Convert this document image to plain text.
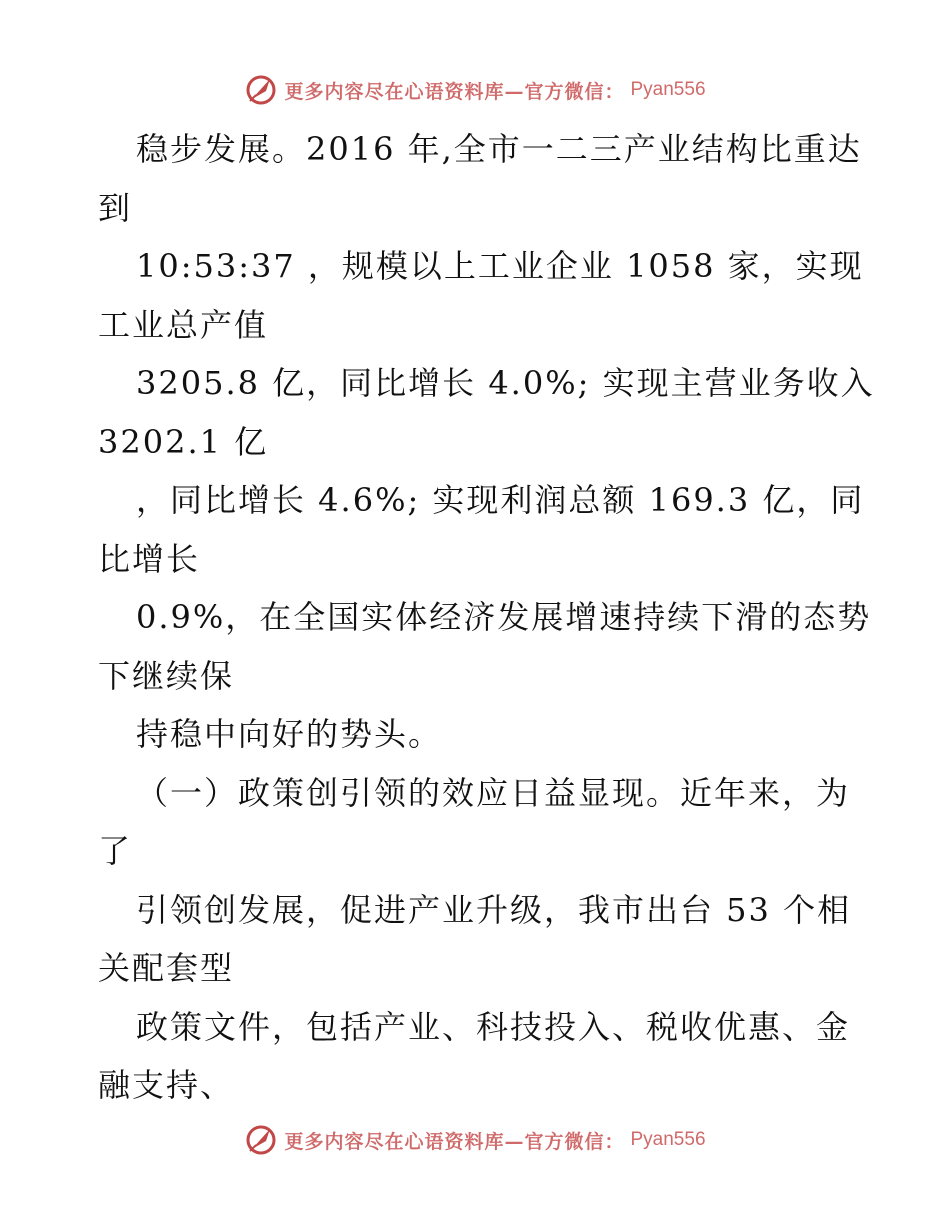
更多内容尽在心语资料库—官方微信： Pyan556
稳步发展。2016 年,全市一二三产业结构比重达
到
10:53:37 ，规模以上工业企业 1058 家，实现
工业总产值
3205.8 亿，同比增长 4.0%; 实现主营业务收入
3202.1 亿
，同比增长 4.6%; 实现利润总额 169.3 亿，同
比增长
0.9%，在全国实体经济发展增速持续下滑的态势
下继续保
持稳中向好的势头。
（一）政策创引领的效应日益显现。近年来，为
了
引领创发展，促进产业升级，我市出台 53 个相
关配套型
政策文件，包括产业、科技投入、税收优惠、金
融支持、
更多内容尽在心语资料库—官方微信： Pyan556
